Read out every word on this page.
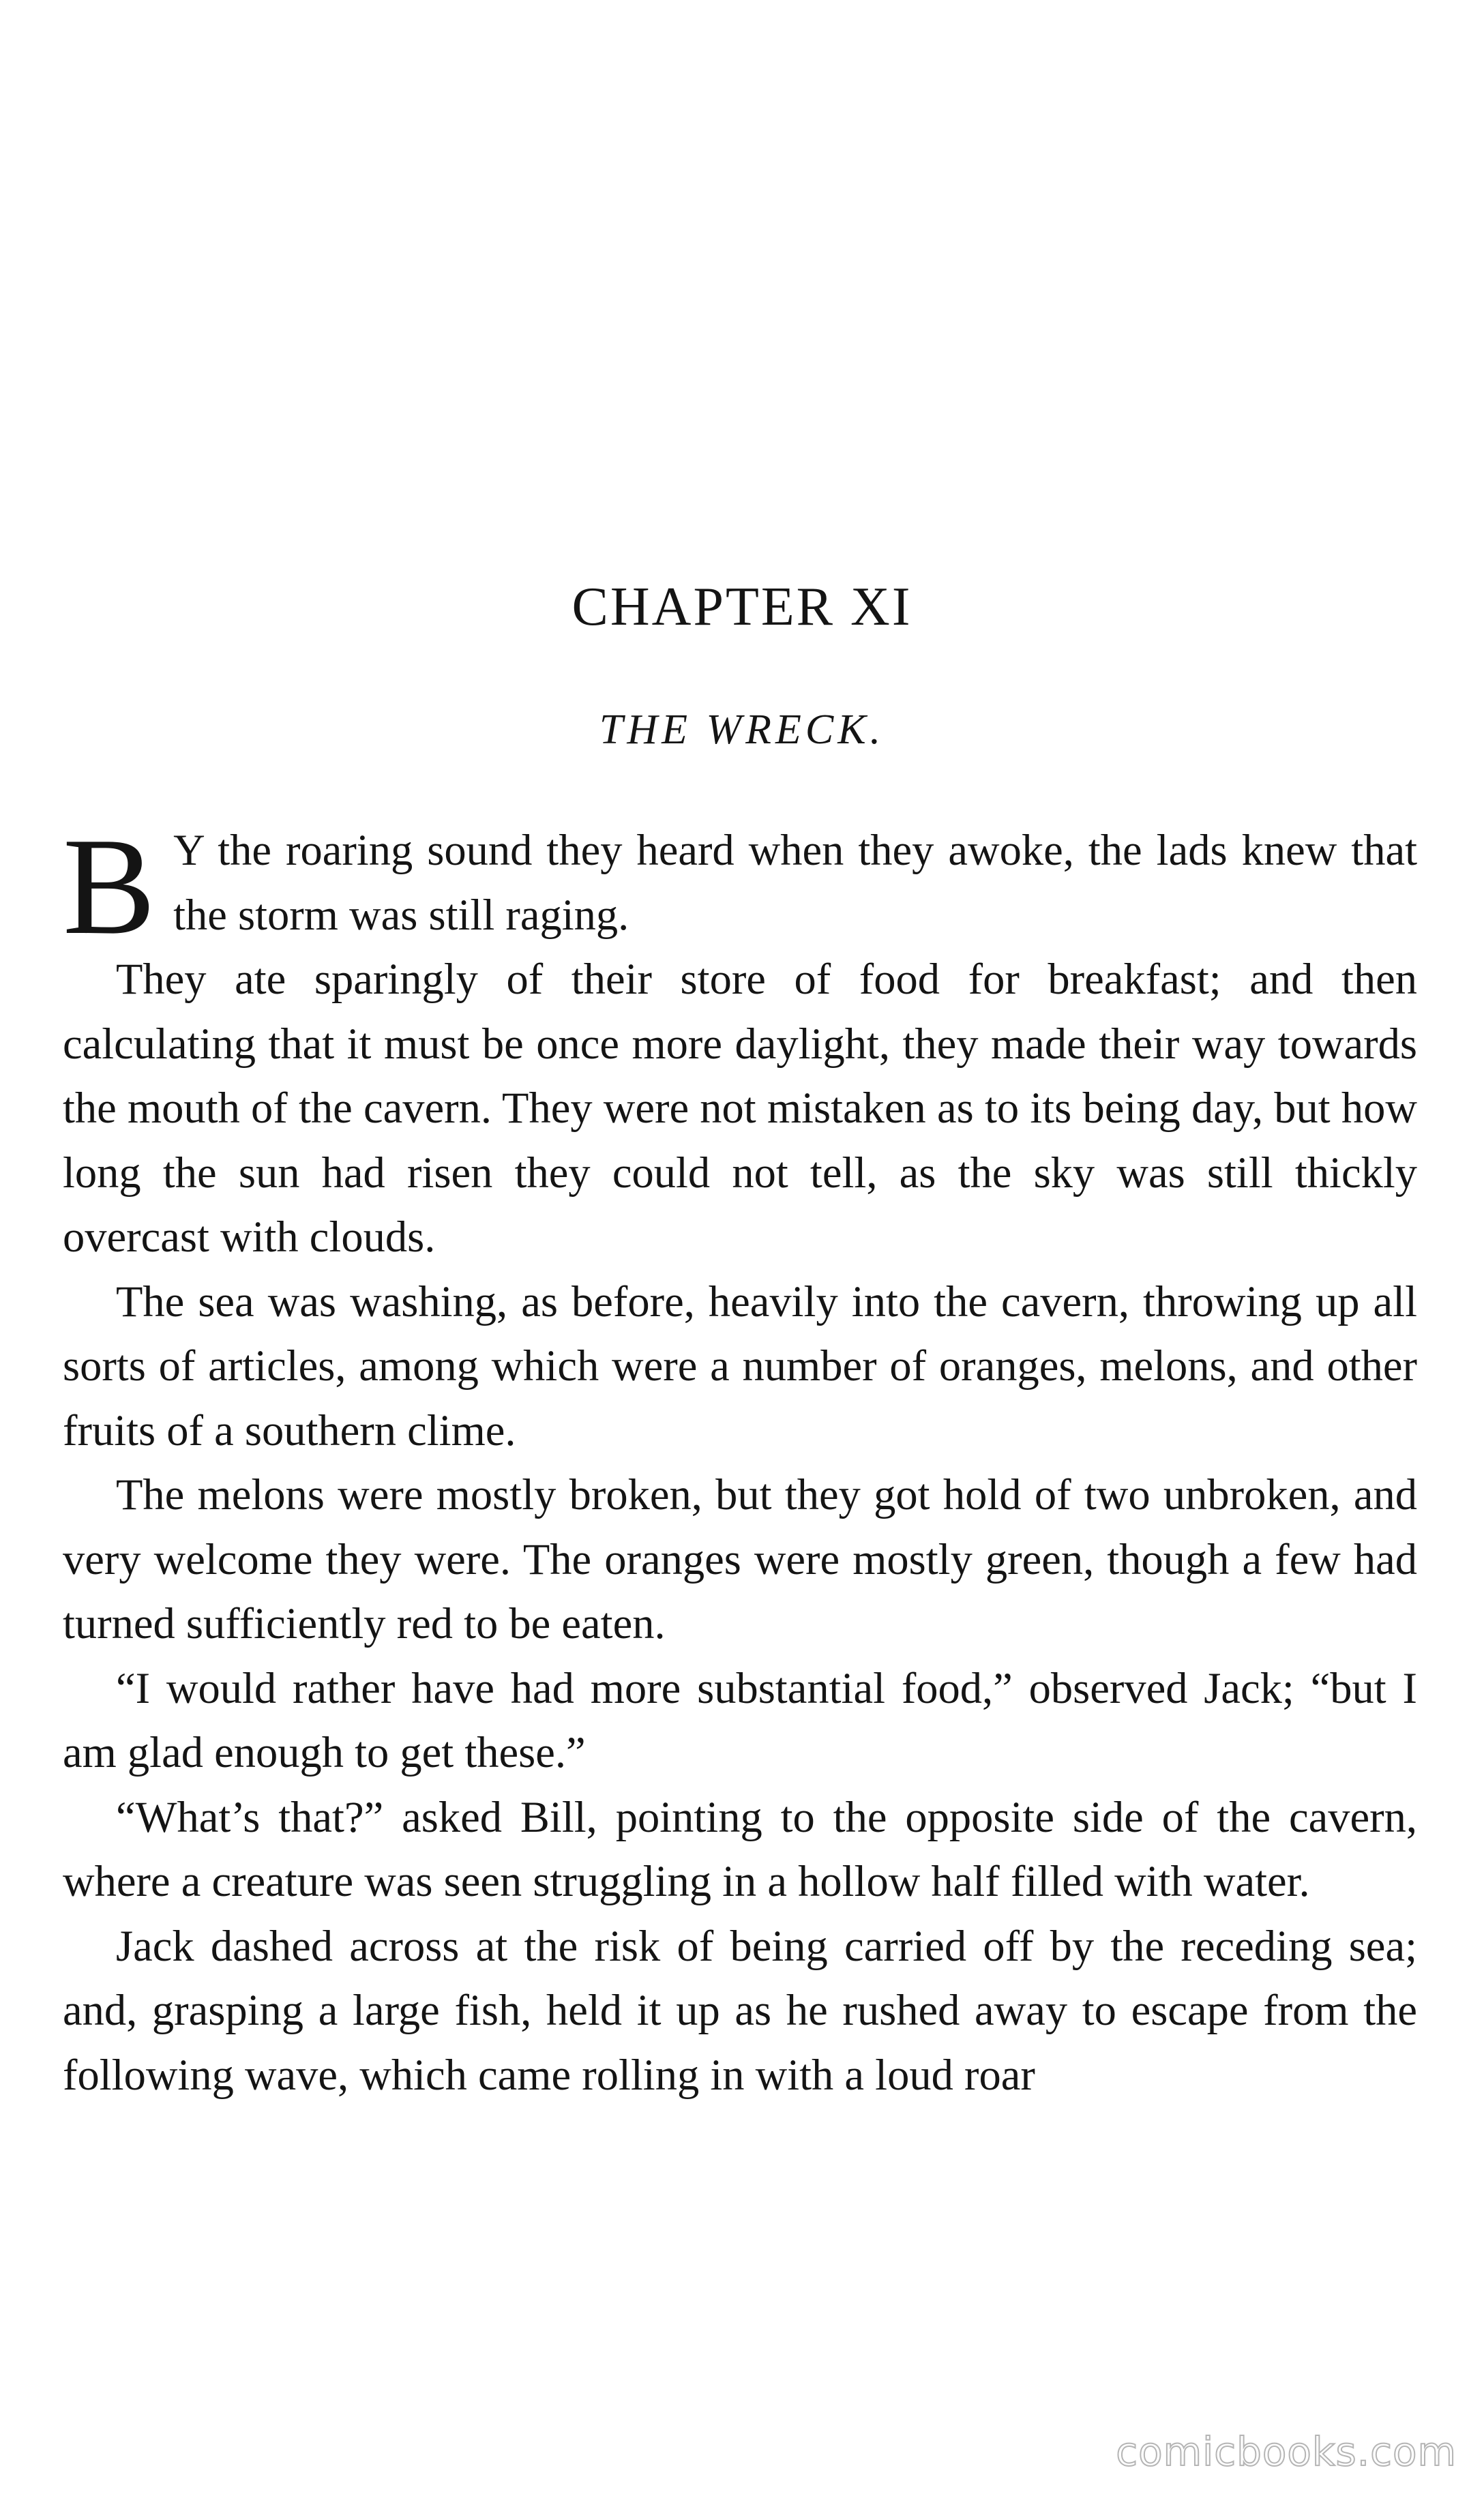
CHAPTER XI
THE WRECK.

B Y the roaring sound they heard when they awoke, the lads knew that the storm was still raging.

They ate sparingly of their store of food for breakfast; and then calculating that it must be once more daylight, they made their way towards the mouth of the cavern. They were not mistaken as to its being day, but how long the sun had risen they could not tell, as the sky was still thickly overcast with clouds.

The sea was washing, as before, heavily into the cavern, throwing up all sorts of articles, among which were a number of oranges, melons, and other fruits of a southern clime.

The melons were mostly broken, but they got hold of two unbroken, and very welcome they were. The oranges were mostly green, though a few had turned sufficiently red to be eaten.

“I would rather have had more substantial food,” observed Jack; “but I am glad enough to get these.”

“What’s that?” asked Bill, pointing to the opposite side of the cavern, where a creature was seen struggling in a hollow half filled with water.

Jack dashed across at the risk of being carried off by the receding sea; and, grasping a large fish, held it up as he rushed away to escape from the following wave, which came rolling in with a loud roar

comicbooks.com
